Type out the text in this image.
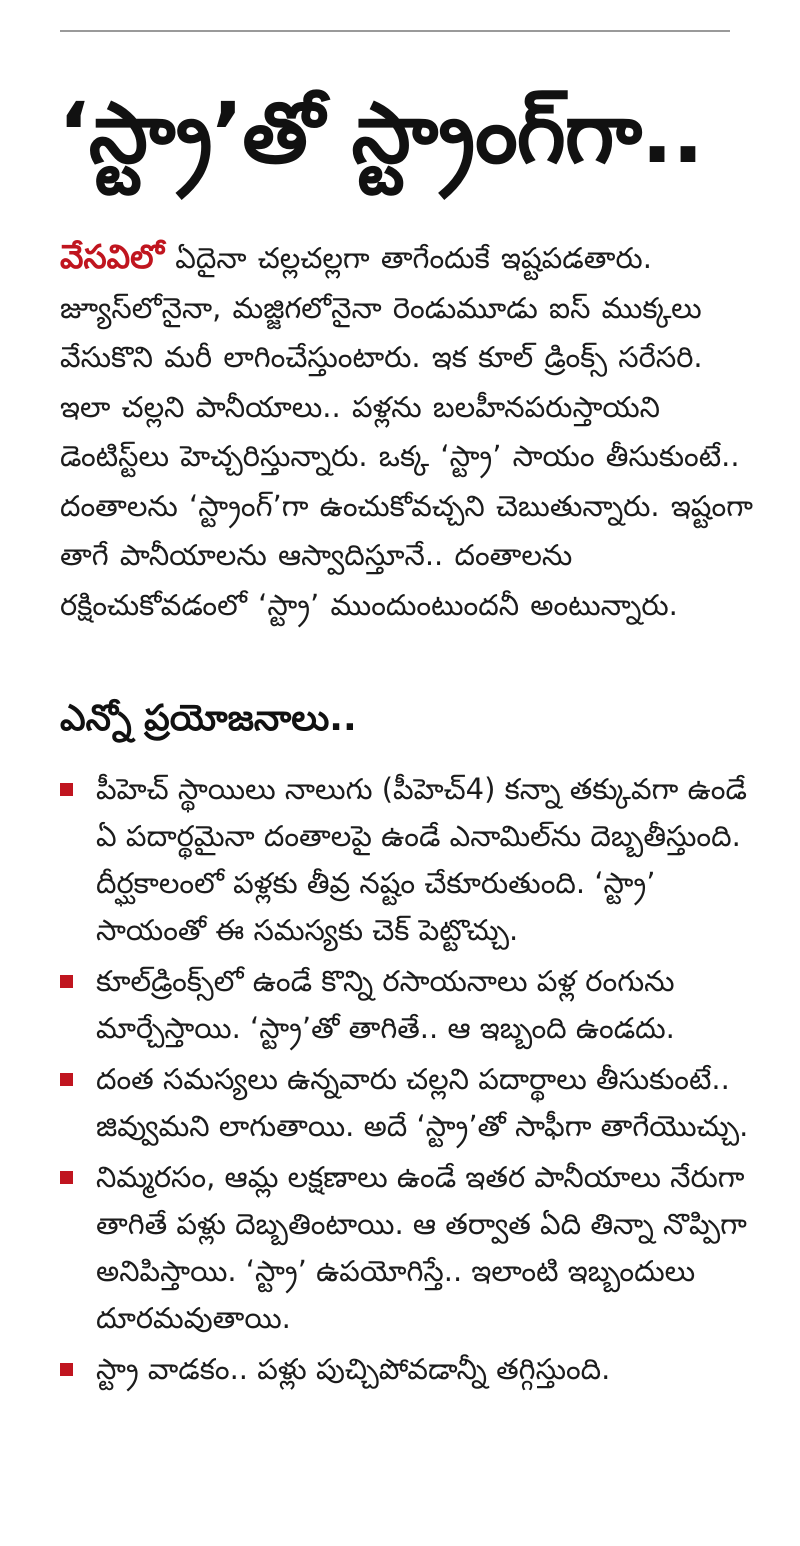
‘స్ట్రా’తో స్ట్రాంగ్‌గా..

వేసవిలో ఏదైనా చల్లచల్లగా తాగేందుకే ఇష్టపడతారు. జ్యూస్‌లోనైనా, మజ్జిగలోనైనా రెండుమూడు ఐస్ ముక్కలు వేసుకొని మరీ లాగించేస్తుంటారు. ఇక కూల్ డ్రింక్స్ సరేసరి. ఇలా చల్లని పానీయాలు.. పళ్లను బలహీనపరుస్తాయని డెంటిస్ట్‌లు హెచ్చరిస్తున్నారు. ఒక్క ‘స్ట్రా’ సాయం తీసుకుంటే.. దంతాలను ‘స్ట్రాంగ్’గా ఉంచుకోవచ్చని చెబుతున్నారు. ఇష్టంగా తాగే పానీయాలను ఆస్వాదిస్తూనే.. దంతాలను రక్షించుకోవడంలో ‘స్ట్రా’ ముందుంటుందనీ అంటున్నారు.

ఎన్నో ప్రయోజనాలు..
పీహెచ్ స్థాయిలు నాలుగు (పీహెచ్4) కన్నా తక్కువగా ఉండే ఏ పదార్థమైనా దంతాలపై ఉండే ఎనామిల్‌ను దెబ్బతీస్తుంది. దీర్ఘకాలంలో పళ్లకు తీవ్ర నష్టం చేకూరుతుంది. ‘స్ట్రా’ సాయంతో ఈ సమస్యకు చెక్ పెట్టొచ్చు.
కూల్‌డ్రింక్స్‌లో ఉండే కొన్ని రసాయనాలు పళ్ల రంగును మార్చేస్తాయి. ‘స్ట్రా’తో తాగితే.. ఆ ఇబ్బంది ఉండదు.
దంత సమస్యలు ఉన్నవారు చల్లని పదార్థాలు తీసుకుంటే.. జివ్వుమని లాగుతాయి. అదే ‘స్ట్రా’తో సాఫీగా తాగేయొచ్చు.
నిమ్మరసం, ఆమ్ల లక్షణాలు ఉండే ఇతర పానీయాలు నేరుగా తాగితే పళ్లు దెబ్బతింటాయి. ఆ తర్వాత ఏది తిన్నా నొప్పిగా అనిపిస్తాయి. ‘స్ట్రా’ ఉపయోగిస్తే.. ఇలాంటి ఇబ్బందులు దూరమవుతాయి.
స్ట్రా వాడకం.. పళ్లు పుచ్చిపోవడాన్నీ తగ్గిస్తుంది.
